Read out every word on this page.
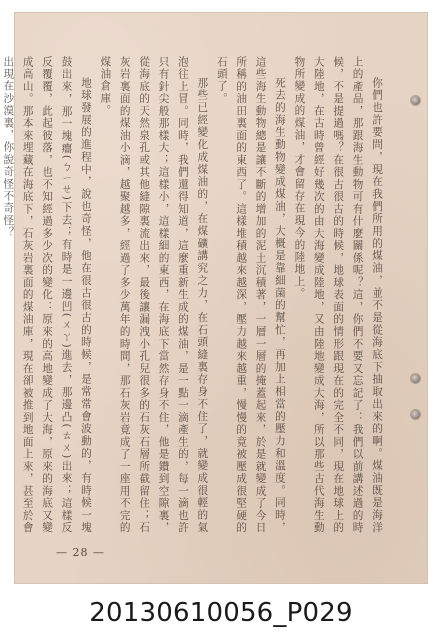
你們也許要問，現在我們所用的煤油，並不是從海底下抽取出來的啊。煤油既是海洋上的產品，那跟海生動物可有什麼關係呢？這，你們不要又忘記了：我們以前講述過的時候，不是提過嗎？在很古很古的時候，地球表面的情形跟現在的完全不同，現在地球上的大陸地，在古時曾經好幾次的由大海變成陸地，又由陸地變成大海，所以那些古代海生動物所變成的煤油，才會留存在現今的陸地上。

死去的海生動物變成煤油，大概是靠細菌的幫忙，再加上相當的壓力和溫度。同時，這些海生動物總是讓不斷的增加的泥土沉積著，一層一層的掩蓋起來，於是就變成了今日所稱的油田裏面的東西了。這樣堆積越來越深，壓力越來越重，慢慢的竟被壓成很堅硬的石頭了。

那些已經變化成煤油的，在煤礦講究之力，在石頭縫裏存身不住了，就變成很輕的氣泡往上冒。同時，我們還得知道，這麼重新生成的煤油，是一點一滴產生的，每一滴也許只有針尖般那樣大；這樣小，這樣細的東西，在海底下當然存身不住，他是鑽到空隙裏，從海底的天然泉孔或其他縫隙裏流出來，最後讓漏洩小孔兒很多的石灰石層所截留住；石灰岩裏面的煤油小滴，越聚越多，經過了多少萬年的時間，那石灰岩竟成了一座用不完的煤油倉庫。

地球發展的進程中，說也奇怪，他在很古很古的時候，是常常會波動的，有時候一塊鼓出來，那一塊癟(ㄅㄧㄝ)下去；有時是一邊凹(ㄨㄚ)進去，那邊凸(ㄊㄨ)出來；這樣反反覆覆，此起彼落，也不知經過多少次的變化：原來的高地變成了大海，原來的海底又變成高山。那本來埋藏在海底下，石灰岩裏面的煤油庫，現在卻被推到地面上來，甚至於會出現在沙漠裏，你說奇怪不奇怪？

— 28 —
20130610056_P029
